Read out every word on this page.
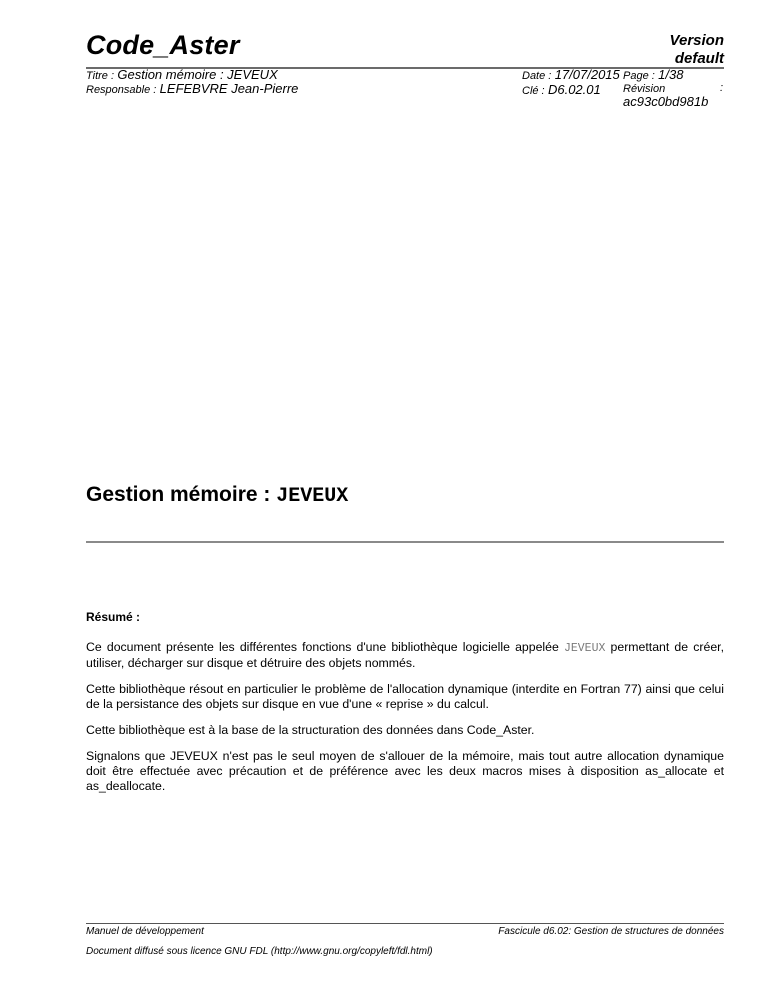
Code_Aster	Version
default
Titre : Gestion mémoire : JEVEUX
Responsable : LEFEBVRE Jean-Pierre
Date : 17/07/2015
Clé : D6.02.01
Page : 1/38
Révision	:
ac93c0bd981b
Gestion mémoire : JEVEUX
Résumé :
Ce document présente les différentes fonctions d'une bibliothèque logicielle appelée JEVEUX permettant de créer, utiliser, décharger sur disque et détruire des objets nommés.
Cette bibliothèque résout en particulier le problème de l'allocation dynamique (interdite en Fortran 77) ainsi que celui de la persistance des objets sur disque en vue d'une « reprise » du calcul.
Cette bibliothèque est à la base de la structuration des données dans Code_Aster.
Signalons que JEVEUX n'est pas le seul moyen de s'allouer de la mémoire, mais tout autre allocation dynamique doit être effectuée avec précaution et de préférence avec les deux macros mises à disposition as_allocate et as_deallocate.
Manuel de développement	Fascicule d6.02: Gestion de structures de données
Document diffusé sous licence GNU FDL (http://www.gnu.org/copyleft/fdl.html)
